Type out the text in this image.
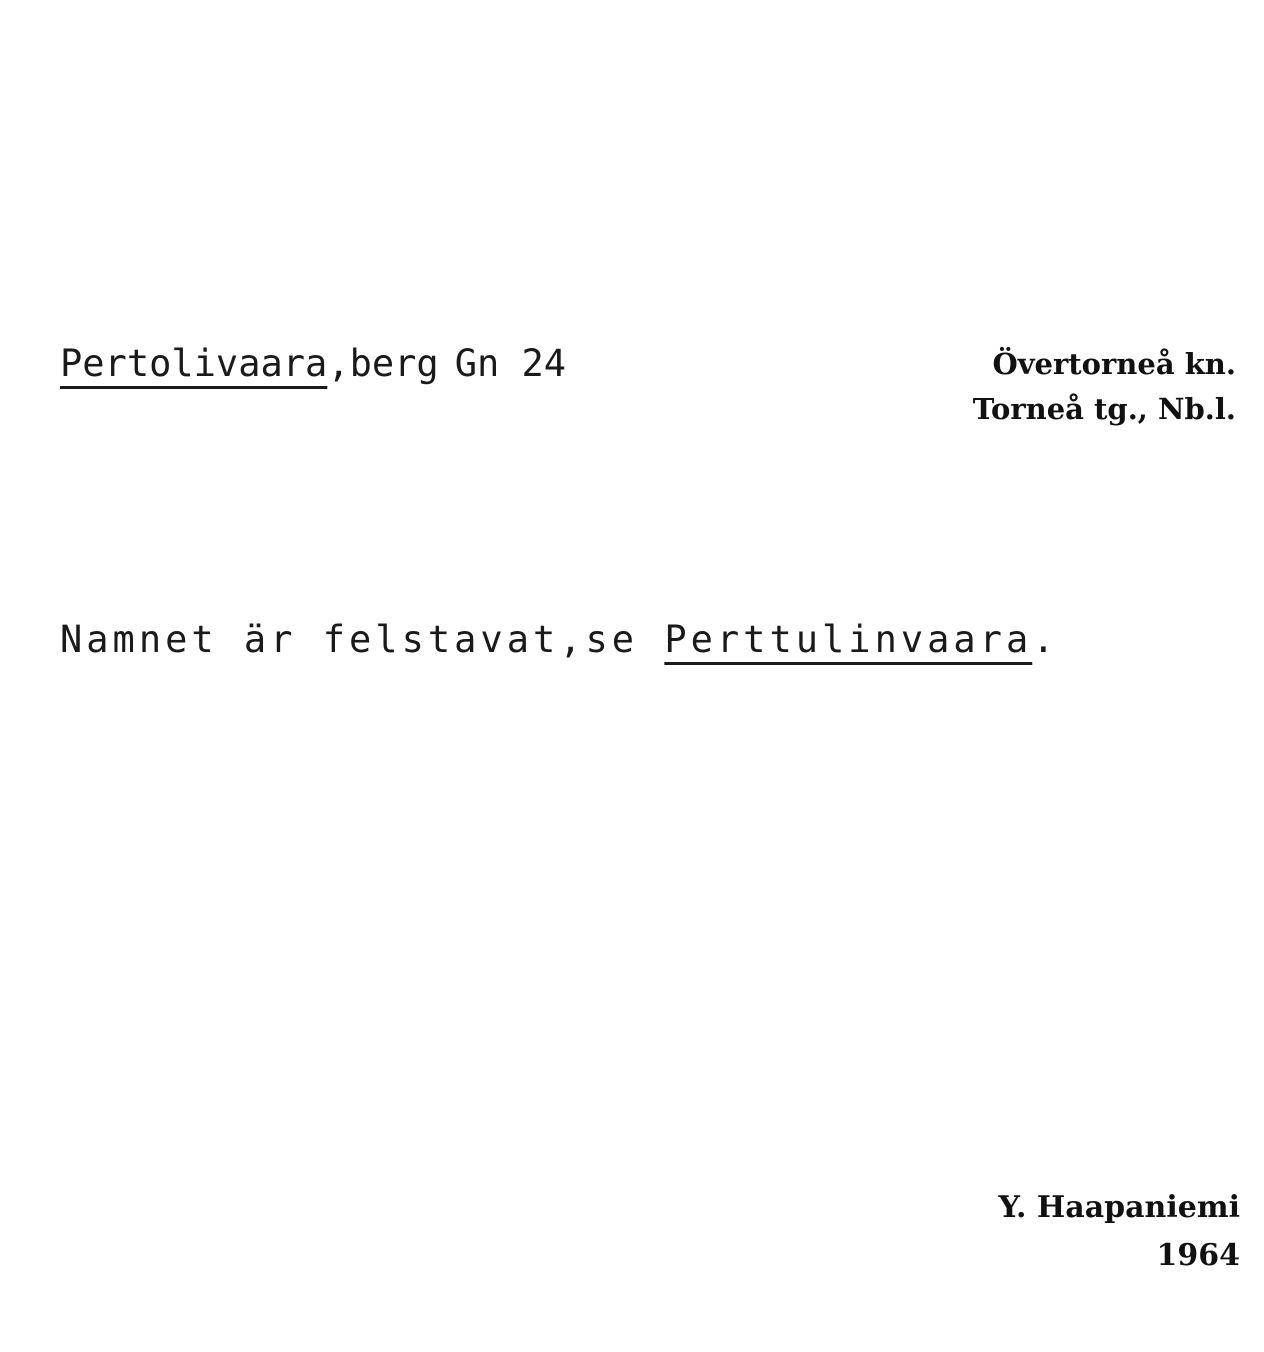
Pertolivaara,berg Gn 24	Övertorneå kn.
Torneå tg., Nb.l.
Namnet är felstavat,se Perttulinvaara.
Y. Haapaniemi
1964
